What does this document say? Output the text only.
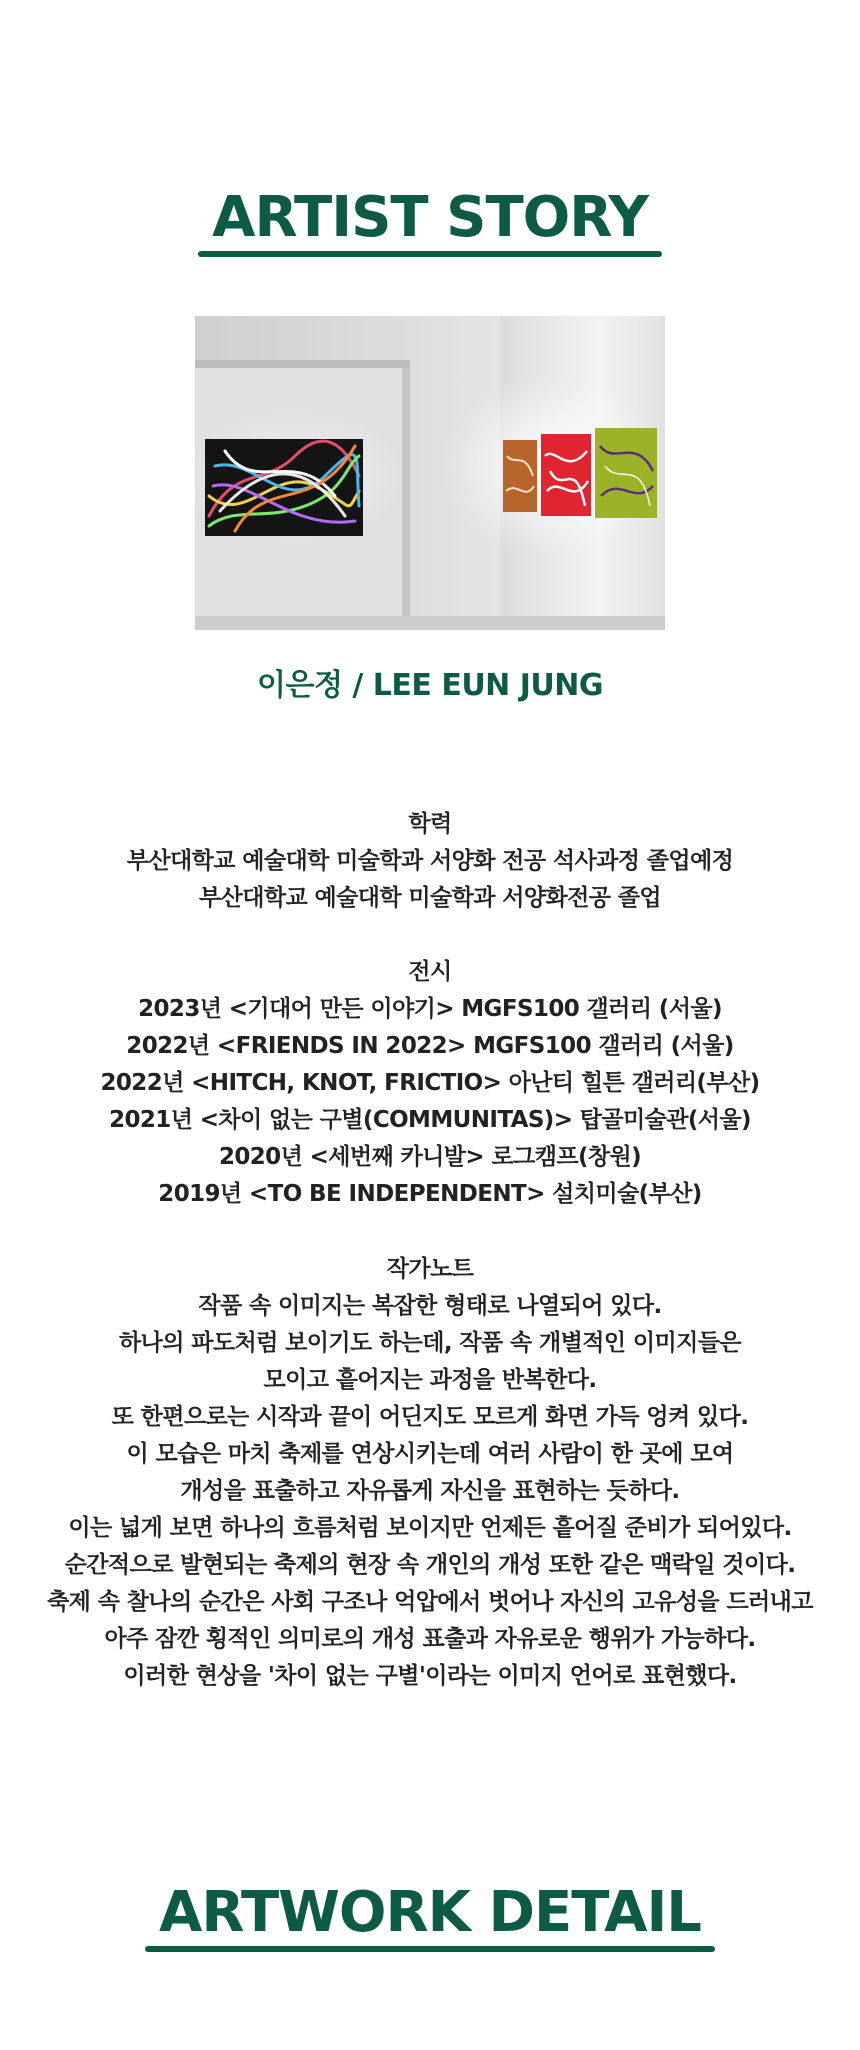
ARTIST STORY
이은정 / LEE EUN JUNG
학력
부산대학교 예술대학 미술학과 서양화 전공 석사과정 졸업예정
부산대학교 예술대학 미술학과 서양화전공 졸업
전시
2023년 <기대어 만든 이야기> MGFS100 갤러리 (서울)
2022년 <FRIENDS IN 2022> MGFS100 갤러리 (서울)
2022년 <HITCH, KNOT, FRICTIO> 아난티 힐튼 갤러리(부산)
2021년 <차이 없는 구별(COMMUNITAS)> 탑골미술관(서울)
2020년 <세번째 카니발> 로그캠프(창원)
2019년 <TO BE INDEPENDENT> 설치미술(부산)
작가노트
작품 속 이미지는 복잡한 형태로 나열되어 있다.
하나의 파도처럼 보이기도 하는데, 작품 속 개별적인 이미지들은
모이고 흩어지는 과정을 반복한다.
또 한편으로는 시작과 끝이 어딘지도 모르게 화면 가득 엉켜 있다.
이 모습은 마치 축제를 연상시키는데 여러 사람이 한 곳에 모여
개성을 표출하고 자유롭게 자신을 표현하는 듯하다.
이는 넓게 보면 하나의 흐름처럼 보이지만 언제든 흩어질 준비가 되어있다.
순간적으로 발현되는 축제의 현장 속 개인의 개성 또한 같은 맥락일 것이다.
축제 속 찰나의 순간은 사회 구조나 억압에서 벗어나 자신의 고유성을 드러내고
아주 잠깐 횡적인 의미로의 개성 표출과 자유로운 행위가 가능하다.
이러한 현상을 '차이 없는 구별'이라는 이미지 언어로 표현했다.
ARTWORK DETAIL
